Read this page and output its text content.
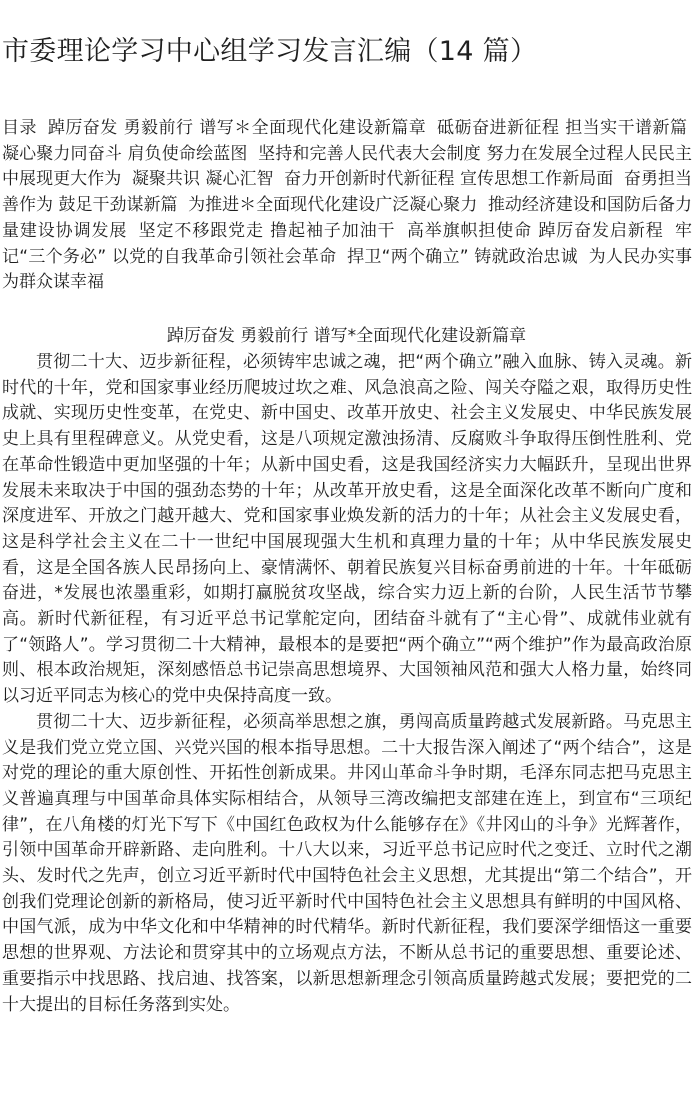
市委理论学习中心组学习发言汇编（14 篇）
目录 踔厉奋发 勇毅前行 谱写＊全面现代化建设新篇章 砥砺奋进新征程 担当实干谱新篇 凝心聚力同奋斗 肩负使命绘蓝图 坚持和完善人民代表大会制度 努力在发展全过程人民民主中展现更大作为 凝聚共识 凝心汇智 奋力开创新时代新征程 宣传思想工作新局面 奋勇担当善作为 鼓足干劲谋新篇 为推进＊全面现代化建设广泛凝心聚力 推动经济建设和国防后备力量建设协调发展 坚定不移跟党走 撸起袖子加油干 高举旗帜担使命 踔厉奋发启新程 牢记“三个务必” 以党的自我革命引领社会革命 捍卫“两个确立” 铸就政治忠诚 为人民办实事 为群众谋幸福
踔厉奋发 勇毅前行 谱写*全面现代化建设新篇章

贯彻二十大、迈步新征程，必须铸牢忠诚之魂，把“两个确立”融入血脉、铸入灵魂。新时代的十年，党和国家事业经历爬坡过坎之难、风急浪高之险、闯关夺隘之艰，取得历史性成就、实现历史性变革，在党史、新中国史、改革开放史、社会主义发展史、中华民族发展史上具有里程碑意义。从党史看，这是八项规定激浊扬清、反腐败斗争取得压倒性胜利、党在革命性锻造中更加坚强的十年；从新中国史看，这是我国经济实力大幅跃升，呈现出世界发展未来取决于中国的强劲态势的十年；从改革开放史看，这是全面深化改革不断向广度和深度进军、开放之门越开越大、党和国家事业焕发新的活力的十年；从社会主义发展史看，这是科学社会主义在二十一世纪中国展现强大生机和真理力量的十年；从中华民族发展史看，这是全国各族人民昂扬向上、豪情满怀、朝着民族复兴目标奋勇前进的十年。十年砥砺奋进，*发展也浓墨重彩，如期打赢脱贫攻坚战，综合实力迈上新的台阶，人民生活节节攀高。新时代新征程，有习近平总书记掌舵定向，团结奋斗就有了“主心骨”、成就伟业就有了“领路人”。学习贯彻二十大精神，最根本的是要把“两个确立”“两个维护”作为最高政治原则、根本政治规矩，深刻感悟总书记崇高思想境界、大国领袖风范和强大人格力量，始终同以习近平同志为核心的党中央保持高度一致。

贯彻二十大、迈步新征程，必须高举思想之旗，勇闯高质量跨越式发展新路。马克思主义是我们党立党立国、兴党兴国的根本指导思想。二十大报告深入阐述了“两个结合”，这是对党的理论的重大原创性、开拓性创新成果。井冈山革命斗争时期，毛泽东同志把马克思主义普遍真理与中国革命具体实际相结合，从领导三湾改编把支部建在连上，到宣布“三项纪律”，在八角楼的灯光下写下《中国红色政权为什么能够存在》《井冈山的斗争》光辉著作，引领中国革命开辟新路、走向胜利。十八大以来，习近平总书记应时代之变迁、立时代之潮头、发时代之先声，创立习近平新时代中国特色社会主义思想，尤其提出“第二个结合”，开创我们党理论创新的新格局，使习近平新时代中国特色社会主义思想具有鲜明的中国风格、中国气派，成为中华文化和中华精神的时代精华。新时代新征程，我们要深学细悟这一重要思想的世界观、方法论和贯穿其中的立场观点方法，不断从总书记的重要思想、重要论述、重要指示中找思路、找启迪、找答案，以新思想新理念引领高质量跨越式发展；要把党的二十大提出的目标任务落到实处。
